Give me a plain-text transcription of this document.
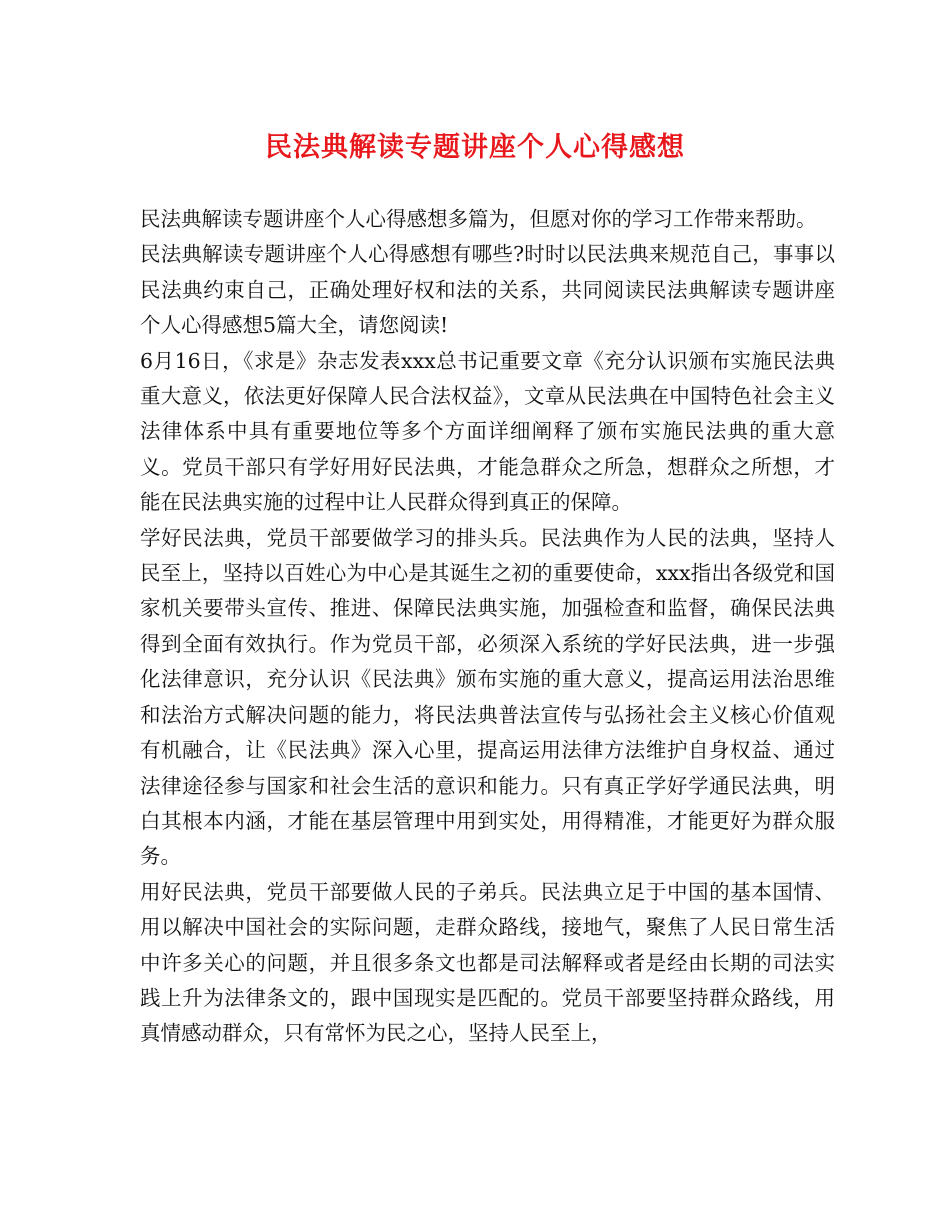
民法典解读专题讲座个人心得感想

民法典解读专题讲座个人心得感想多篇为，但愿对你的学习工作带来帮助。

民法典解读专题讲座个人心得感想有哪些?时时以民法典来规范自己，事事以民法典约束自己，正确处理好权和法的关系，共同阅读民法典解读专题讲座个人心得感想5篇大全，请您阅读!

6月16日，《求是》杂志发表xxx总书记重要文章《充分认识颁布实施民法典重大意义，依法更好保障人民合法权益》，文章从民法典在中国特色社会主义法律体系中具有重要地位等多个方面详细阐释了颁布实施民法典的重大意义。党员干部只有学好用好民法典，才能急群众之所急，想群众之所想，才能在民法典实施的过程中让人民群众得到真正的保障。

学好民法典，党员干部要做学习的排头兵。民法典作为人民的法典，坚持人民至上，坚持以百姓心为中心是其诞生之初的重要使命，xxx指出各级党和国家机关要带头宣传、推进、保障民法典实施，加强检查和监督，确保民法典得到全面有效执行。作为党员干部，必须深入系统的学好民法典，进一步强化法律意识，充分认识《民法典》颁布实施的重大意义，提高运用法治思维和法治方式解决问题的能力，将民法典普法宣传与弘扬社会主义核心价值观有机融合，让《民法典》深入心里，提高运用法律方法维护自身权益、通过法律途径参与国家和社会生活的意识和能力。只有真正学好学通民法典，明白其根本内涵，才能在基层管理中用到实处，用得精准，才能更好为群众服务。

用好民法典，党员干部要做人民的子弟兵。民法典立足于中国的基本国情、用以解决中国社会的实际问题，走群众路线，接地气，聚焦了人民日常生活中许多关心的问题，并且很多条文也都是司法解释或者是经由长期的司法实践上升为法律条文的，跟中国现实是匹配的。党员干部要坚持群众路线，用真情感动群众，只有常怀为民之心，坚持人民至上，
